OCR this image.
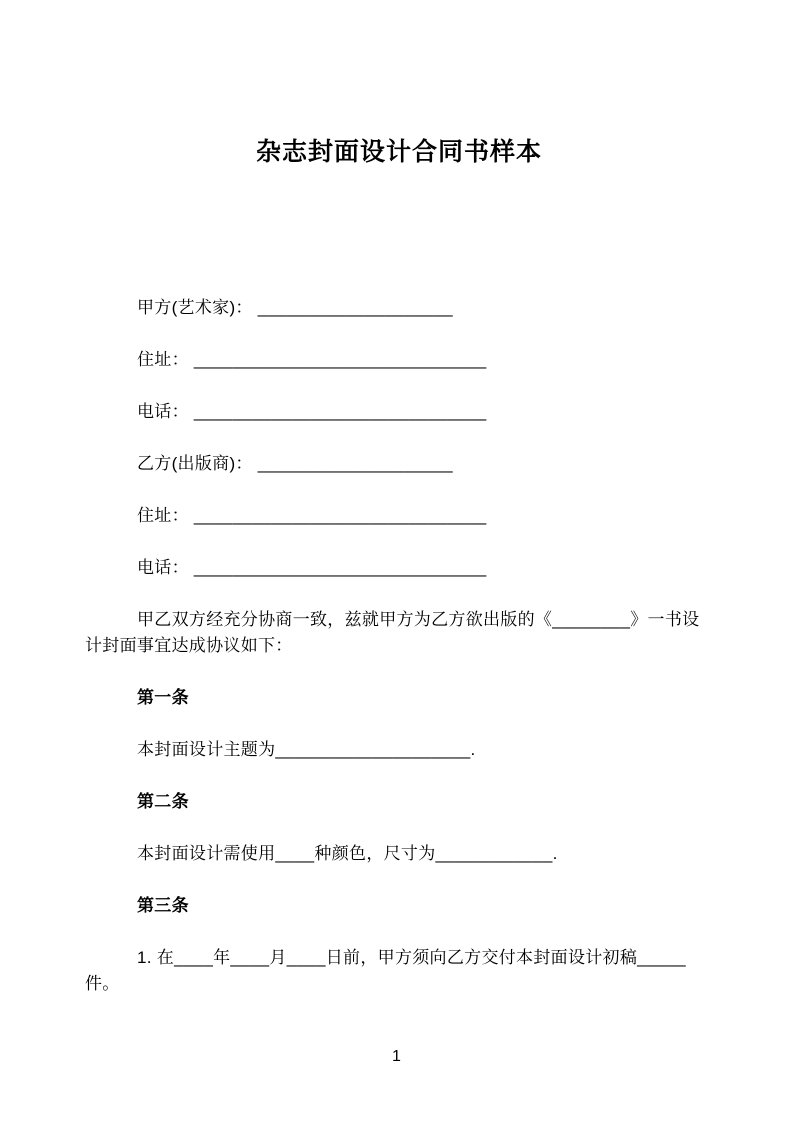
杂志封面设计合同书样本

甲方(艺术家)： ____________________

住址： ______________________________

电话： ______________________________

乙方(出版商)： ____________________

住址： ______________________________

电话： ______________________________

甲乙双方经充分协商一致，兹就甲方为乙方欲出版的《________》一书设计封面事宜达成协议如下：

第一条

本封面设计主题为____________________.

第二条

本封面设计需使用____种颜色，尺寸为____________.

第三条

1. 在____年____月____日前，甲方须向乙方交付本封面设计初稿_____件。

1
